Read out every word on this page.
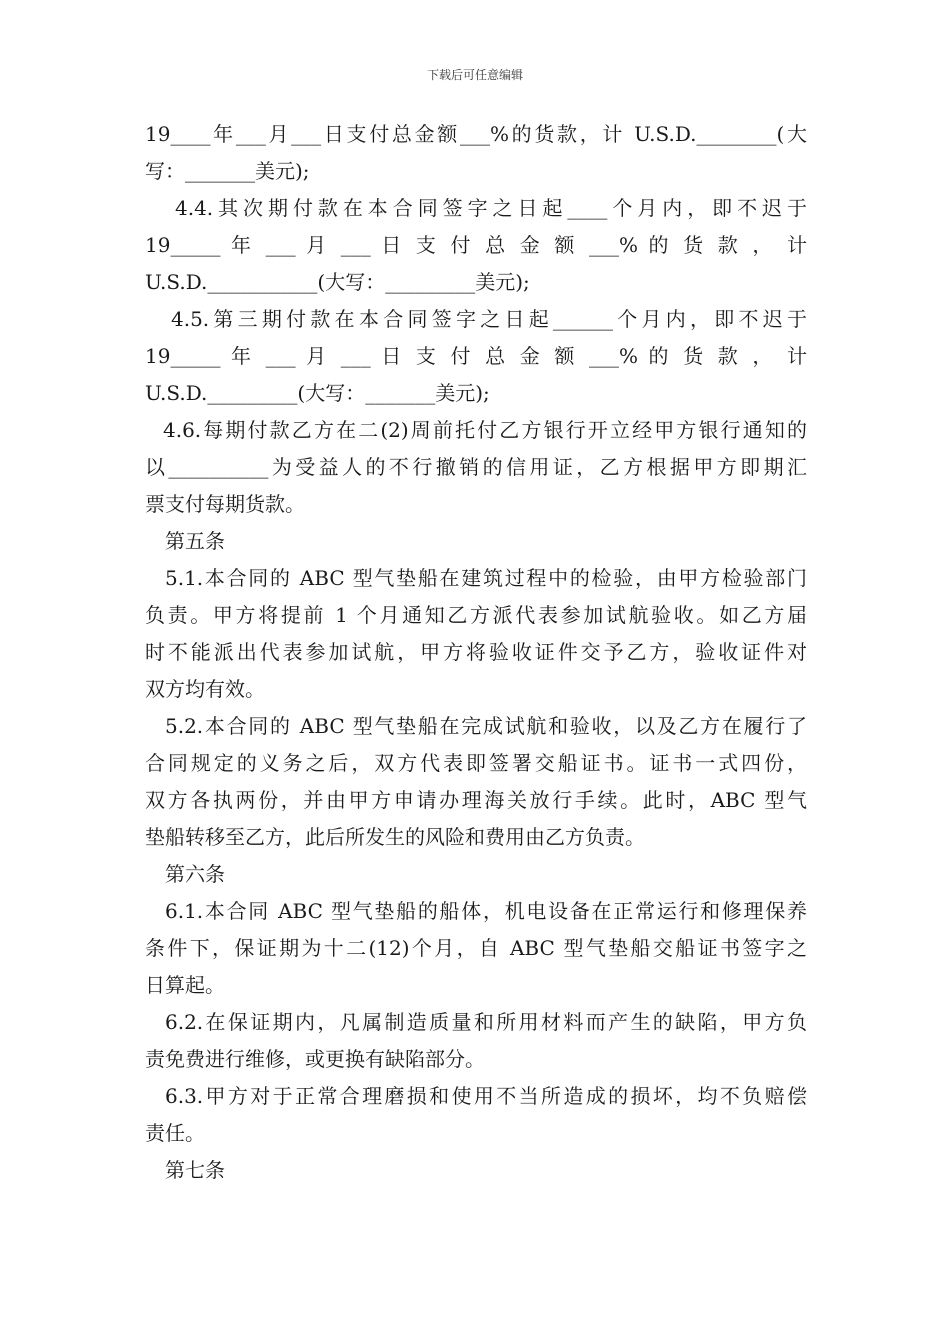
下载后可任意编辑

19____年___月___日支付总金额___%的货款，计 U.S.D.________(大

写：_______美元);

4.4.其次期付款在本合同签字之日起____个月内，即不迟于

19_____ 年 ___ 月 ___ 日 支 付 总 金 额 ___% 的 货 款 ， 计

U.S.D.___________(大写：_________美元);

4.5.第三期付款在本合同签字之日起______个月内，即不迟于

19_____ 年 ___ 月 ___ 日 支 付 总 金 额 ___% 的 货 款 ， 计

U.S.D._________(大写：_______美元);

4.6.每期付款乙方在二(2)周前托付乙方银行开立经甲方银行通知的

以__________为受益人的不行撤销的信用证，乙方根据甲方即期汇

票支付每期货款。

第五条

5.1.本合同的 ABC 型气垫船在建筑过程中的检验，由甲方检验部门

负责。甲方将提前 1 个月通知乙方派代表参加试航验收。如乙方届

时不能派出代表参加试航，甲方将验收证件交予乙方，验收证件对

双方均有效。

5.2.本合同的 ABC 型气垫船在完成试航和验收，以及乙方在履行了

合同规定的义务之后，双方代表即签署交船证书。证书一式四份，

双方各执两份，并由甲方申请办理海关放行手续。此时，ABC 型气

垫船转移至乙方，此后所发生的风险和费用由乙方负责。

第六条

6.1.本合同 ABC 型气垫船的船体，机电设备在正常运行和修理保养

条件下，保证期为十二(12)个月，自 ABC 型气垫船交船证书签字之

日算起。

6.2.在保证期内，凡属制造质量和所用材料而产生的缺陷，甲方负

责免费进行维修，或更换有缺陷部分。

6.3.甲方对于正常合理磨损和使用不当所造成的损坏，均不负赔偿

责任。

第七条
